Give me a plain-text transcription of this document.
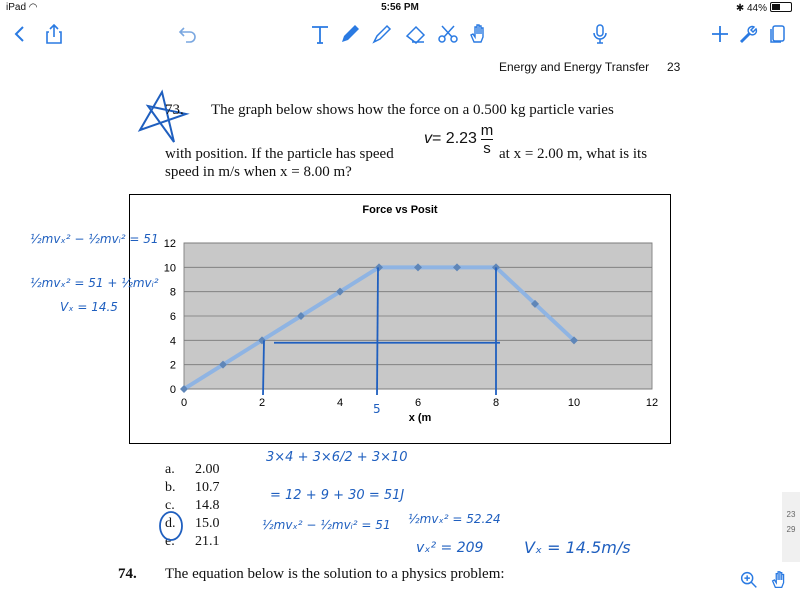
iPad ◠	5:56 PM	✱ 44%
Energy and Energy Transfer 23
73. The graph below shows how the force on a 0.500 kg particle varies
with position. If the particle has speed
v= 2.23 m
s at x = 2.00 m, what is its
speed in m/s when x = 8.00 m?
Force vs Posit
0
2
4
6
8
10
12
0	2	4	6	8	10	12
x (m
5
½mvₓ² − ½mvᵢ² = 51
½mvₓ² = 51 + ½mvᵢ²
Vₓ = 14.5
a. 2.00
b. 10.7
c. 14.8
d. 15.0
e. 21.1
3×4 + 3×6/2 + 3×10
= 12 + 9 + 30 = 51J
½mvₓ² − ½mvᵢ² = 51 ½mvₓ² = 52.24
vₓ² = 209	Vₓ = 14.5m/s
74. The equation below is the solution to a physics problem:
23
29
